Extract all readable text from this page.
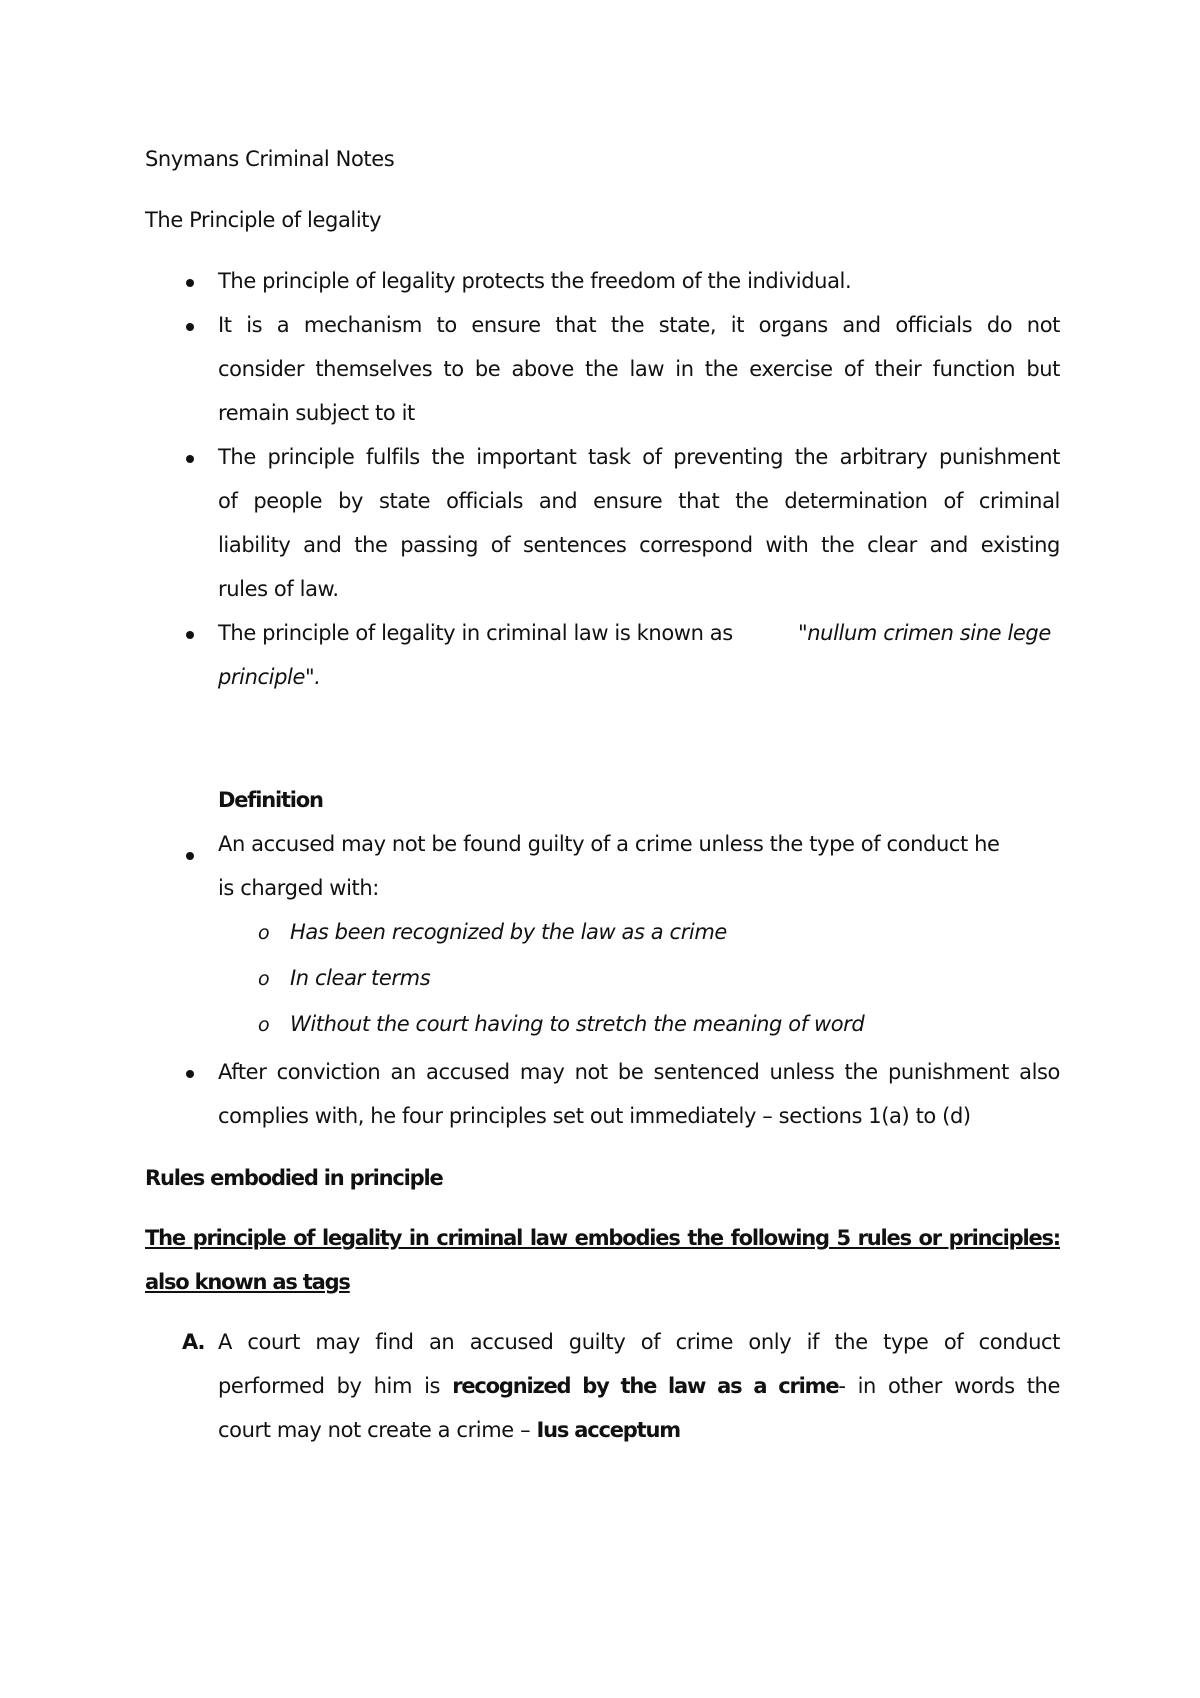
Snymans Criminal Notes
The Principle of legality
The principle of legality protects the freedom of the individual.
It is a mechanism to ensure that the state, it organs and officials do not
consider themselves to be above the law in the exercise of their function but
remain subject to it
The principle fulfils the important task of preventing the arbitrary punishment
of people by state officials and ensure that the determination of criminal
liability and the passing of sentences correspond with the clear and existing
rules of law.
The principle of legality in criminal law is known as	"nullum crimen sine lege
principle".
Definition
An accused may not be found guilty of a crime unless the type of conduct he
is charged with:
o Has been recognized by the law as a crime
o In clear terms
o Without the court having to stretch the meaning of word
After conviction an accused may not be sentenced unless the punishment also
complies with, he four principles set out immediately – sections 1(a) to (d)
Rules embodied in principle
The principle of legality in criminal law embodies the following 5 rules or principles:
also known as tags
A. A court may find an accused guilty of crime only if the type of conduct
performed by him is recognized by the law as a crime- in other words the
court may not create a crime – Ius acceptum
